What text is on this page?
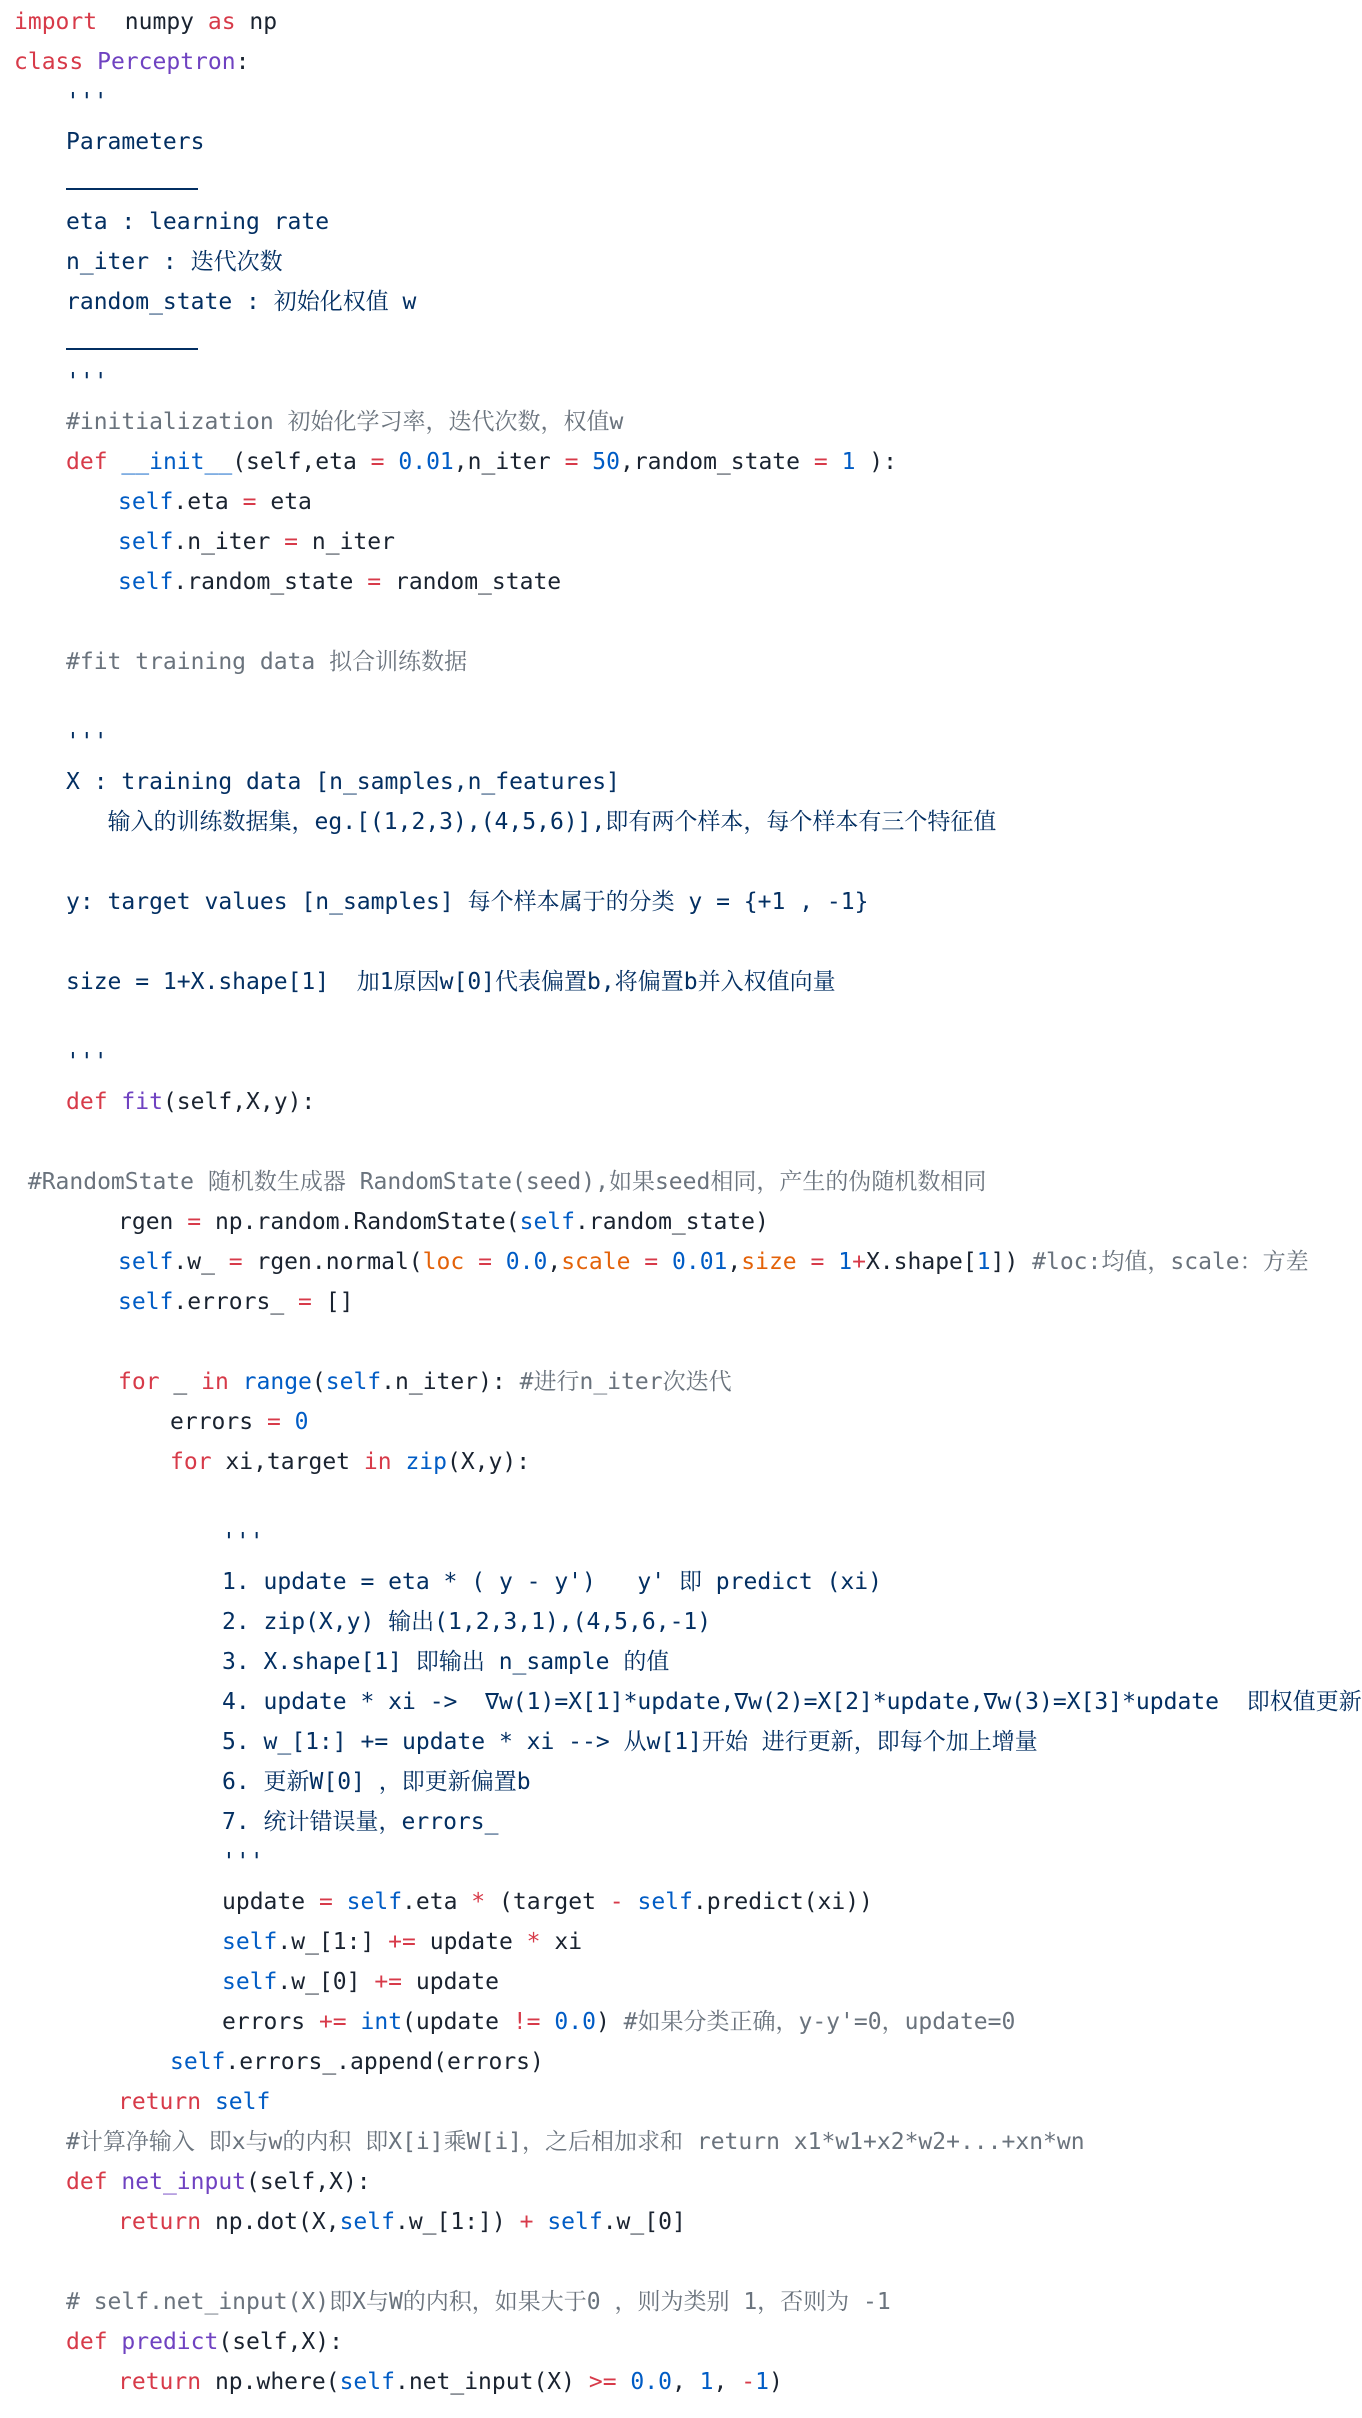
import  numpy as np
class Perceptron:
'''
Parameters
eta : learning rate
n_iter : 迭代次数
random_state : 初始化权值 w
'''
#initialization 初始化学习率，迭代次数，权值w
def __init__(self,eta = 0.01,n_iter = 50,random_state = 1 ):
self.eta = eta
self.n_iter = n_iter
self.random_state = random_state
#fit training data 拟合训练数据
'''
X : training data [n_samples,n_features]
输入的训练数据集，eg.[(1,2,3),(4,5,6)],即有两个样本，每个样本有三个特征值
y: target values [n_samples] 每个样本属于的分类 y = {+1 , -1}
size = 1+X.shape[1]  加1原因w[0]代表偏置b,将偏置b并入权值向量
'''
def fit(self,X,y):
#RandomState 随机数生成器 RandomState(seed),如果seed相同，产生的伪随机数相同
rgen = np.random.RandomState(self.random_state)
self.w_ = rgen.normal(loc = 0.0,scale = 0.01,size = 1+X.shape[1]) #loc:均值，scale：方差
self.errors_ = []
for _ in range(self.n_iter): #进行n_iter次迭代
errors = 0
for xi,target in zip(X,y):
'''
1. update = eta * ( y - y')   y' 即 predict (xi)
2. zip(X,y) 输出(1,2,3,1),(4,5,6,-1)
3. X.shape[1] 即输出 n_sample 的值
4. update * xi ->  ∇w(1)=X[1]*update,∇w(2)=X[2]*update,∇w(3)=X[3]*update  即权值更新
5. w_[1:] += update * xi --> 从w[1]开始 进行更新，即每个加上增量
6. 更新W[0] ，即更新偏置b
7. 统计错误量，errors_
'''
update = self.eta * (target - self.predict(xi))
self.w_[1:] += update * xi
self.w_[0] += update
errors += int(update != 0.0) #如果分类正确，y-y'=0，update=0
self.errors_.append(errors)
return self
#计算净输入 即x与w的内积 即X[i]乘W[i]，之后相加求和 return x1*w1+x2*w2+...+xn*wn
def net_input(self,X):
return np.dot(X,self.w_[1:]) + self.w_[0]
# self.net_input(X)即X与W的内积，如果大于0 ，则为类别 1，否则为 -1
def predict(self,X):
return np.where(self.net_input(X) >= 0.0, 1, -1)
